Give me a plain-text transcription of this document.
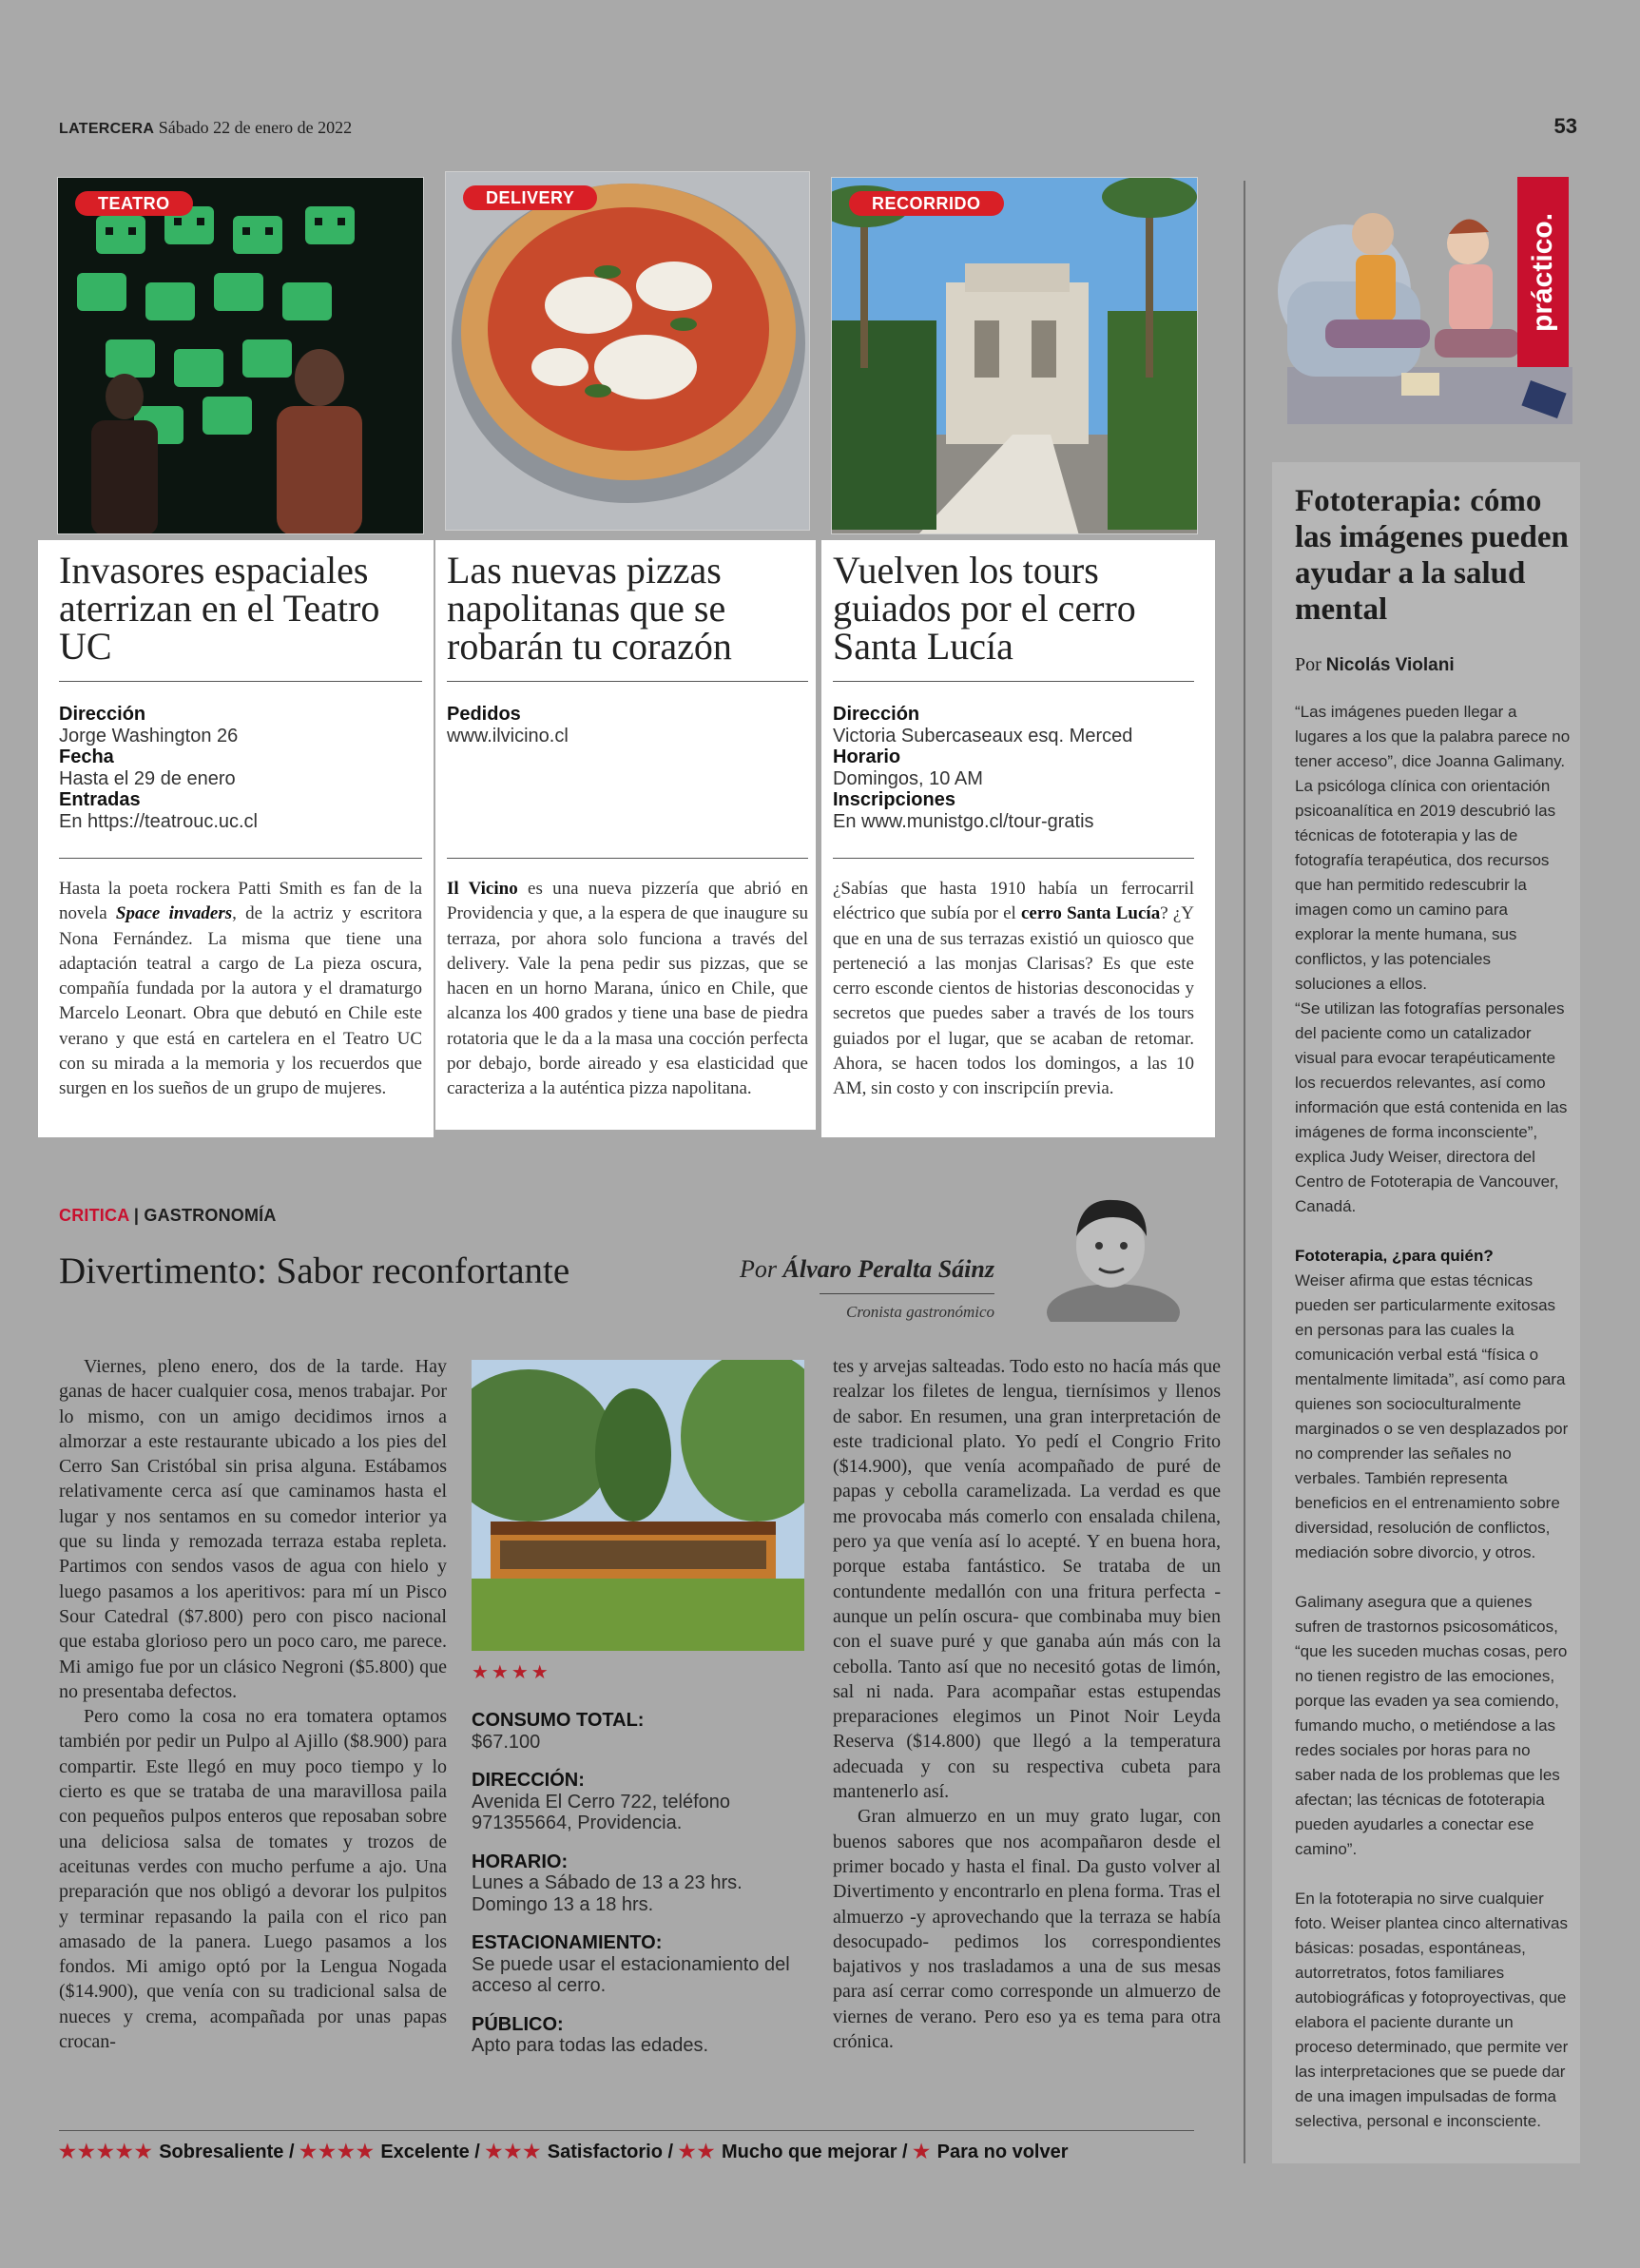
LATERCERA Sábado 22 de enero de 2022	53
TEATRO
Invasores espaciales aterrizan en el Teatro UC
Dirección
Jorge Washington 26
Fecha
Hasta el 29 de enero
Entradas
En https://teatrouc.uc.cl
Hasta la poeta rockera Patti Smith es fan de la novela Space invaders, de la actriz y escritora Nona Fernández. La misma que tiene una adaptación teatral a cargo de La pieza oscura, compañía fundada por la autora y el dramaturgo Marcelo Leonart. Obra que debutó en Chile este verano y que está en cartelera en el Teatro UC con su mirada a la memoria y los recuerdos que surgen en los sueños de un grupo de mujeres.
DELIVERY
Las nuevas pizzas napolitanas que se robarán tu corazón
Pedidos
www.ilvicino.cl
Il Vicino es una nueva pizzería que abrió en Providencia y que, a la espera de que inaugure su terraza, por ahora solo funciona a través del delivery. Vale la pena pedir sus pizzas, que se hacen en un horno Marana, único en Chile, que alcanza los 400 grados y tiene una base de piedra rotatoria que le da a la masa una cocción perfecta por debajo, borde aireado y esa elasticidad que caracteriza a la auténtica pizza napolitana.
RECORRIDO
Vuelven los tours guiados por el cerro Santa Lucía
Dirección
Victoria Subercaseaux esq. Merced
Horario
Domingos, 10 AM
Inscripciones
En www.munistgo.cl/tour-gratis
¿Sabías que hasta 1910 había un ferrocarril eléctrico que subía por el cerro Santa Lucía? ¿Y que en una de sus terrazas existió un quiosco que perteneció a las monjas Clarisas? Es que este cerro esconde cientos de historias desconocidas y secretos que puedes saber a través de los tours guiados por el lugar, que se acaban de retomar. Ahora, se hacen todos los domingos, a las 10 AM, sin costo y con inscripciín previa.
práctico.
Fototerapia: cómo las imágenes pueden ayudar a la salud mental
Por Nicolás Violani

“Las imágenes pueden llegar a lugares a los que la palabra parece no tener acceso”, dice Joanna Galimany. La psicóloga clínica con orientación psicoanalítica en 2019 descubrió las técnicas de fototerapia y las de fotografía terapéutica, dos recursos que han permitido redescubrir la imagen como un camino para explorar la mente humana, sus conflictos, y las potenciales soluciones a ellos.

“Se utilizan las fotografías personales del paciente como un catalizador visual para evocar terapéuticamente los recuerdos relevantes, así como información que está contenida en las imágenes de forma inconsciente”, explica Judy Weiser, directora del Centro de Fototerapia de Vancouver, Canadá.

Fototerapia, ¿para quién?

Weiser afirma que estas técnicas pueden ser particularmente exitosas en personas para las cuales la comunicación verbal está “física o mentalmente limitada”, así como para quienes son socioculturalmente marginados o se ven desplazados por no comprender las señales no verbales. También representa beneficios en el entrenamiento sobre diversidad, resolución de conflictos, mediación sobre divorcio, y otros.

Galimany asegura que a quienes sufren de trastornos psicosomáticos, “que les suceden muchas cosas, pero no tienen registro de las emociones, porque las evaden ya sea comiendo, fumando mucho, o metiéndose a las redes sociales por horas para no saber nada de los problemas que les afectan; las técnicas de fototerapia pueden ayudarles a conectar ese camino”.

En la fototerapia no sirve cualquier foto. Weiser plantea cinco alternativas básicas: posadas, espontáneas, autorretratos, fotos familiares autobiográficas y fotoproyectivas, que elabora el paciente durante un proceso determinado, que permite ver las interpretaciones que se puede dar de una imagen impulsadas de forma selectiva, personal e inconsciente.

CRITICA | GASTRONOMÍA
Divertimento: Sabor reconfortante	Por Álvaro Peralta Sáinz
Cronista gastronómico

Viernes, pleno enero, dos de la tarde. Hay ganas de hacer cualquier cosa, menos trabajar. Por lo mismo, con un amigo decidimos irnos a almorzar a este restaurante ubicado a los pies del Cerro San Cristóbal sin prisa alguna. Estábamos relativamente cerca así que caminamos hasta el lugar y nos sentamos en su comedor interior ya que su linda y remozada terraza estaba repleta. Partimos con sendos vasos de agua con hielo y luego pasamos a los aperitivos: para mí un Pisco Sour Catedral ($7.800) pero con pisco nacional que estaba glorioso pero un poco caro, me parece. Mi amigo fue por un clásico Negroni ($5.800) que no presentaba defectos.

Pero como la cosa no era tomatera optamos también por pedir un Pulpo al Ajillo ($8.900) para compartir. Este llegó en muy poco tiempo y lo cierto es que se trataba de una maravillosa paila con pequeños pulpos enteros que reposaban sobre una deliciosa salsa de tomates y trozos de aceitunas verdes con mucho perfume a ajo. Una preparación que nos obligó a devorar los pulpitos y terminar repasando la paila con el rico pan amasado de la panera. Luego pasamos a los fondos. Mi amigo optó por la Lengua Nogada ($14.900), que venía con su tradicional salsa de nueces y crema, acompañada por unas papas crocan-

★★★★
CONSUMO TOTAL:
$67.100
DIRECCIÓN:
Avenida El Cerro 722, teléfono 971355664, Providencia.
HORARIO:
Lunes a Sábado de 13 a 23 hrs. Domingo 13 a 18 hrs.
ESTACIONAMIENTO:
Se puede usar el estacionamiento del acceso al cerro.
PÚBLICO:
Apto para todas las edades.

tes y arvejas salteadas. Todo esto no hacía más que realzar los filetes de lengua, tiernísimos y llenos de sabor. En resumen, una gran interpretación de este tradicional plato. Yo pedí el Congrio Frito ($14.900), que venía acompañado de puré de papas y cebolla caramelizada. La verdad es que me provocaba más comerlo con ensalada chilena, pero ya que venía así lo acepté. Y en buena hora, porque estaba fantástico. Se trataba de un contundente medallón con una fritura perfecta -aunque un pelín oscura- que combinaba muy bien con el suave puré y que ganaba aún más con la cebolla. Tanto así que no necesitó gotas de limón, sal ni nada. Para acompañar estas estupendas preparaciones elegimos un Pinot Noir Leyda Reserva ($14.800) que llegó a la temperatura adecuada y con su respectiva cubeta para mantenerlo así.

Gran almuerzo en un muy grato lugar, con buenos sabores que nos acompañaron desde el primer bocado y hasta el final. Da gusto volver al Divertimento y encontrarlo en plena forma. Tras el almuerzo -y aprovechando que la terraza se había desocupado- pedimos los correspondientes bajativos y nos trasladamos a una de sus mesas para así cerrar como corresponde un almuerzo de viernes de verano. Pero eso ya es tema para otra crónica.

★★★★★ Sobresaliente / ★★★★ Excelente / ★★★ Satisfactorio / ★★ Mucho que mejorar / ★ Para no volver
